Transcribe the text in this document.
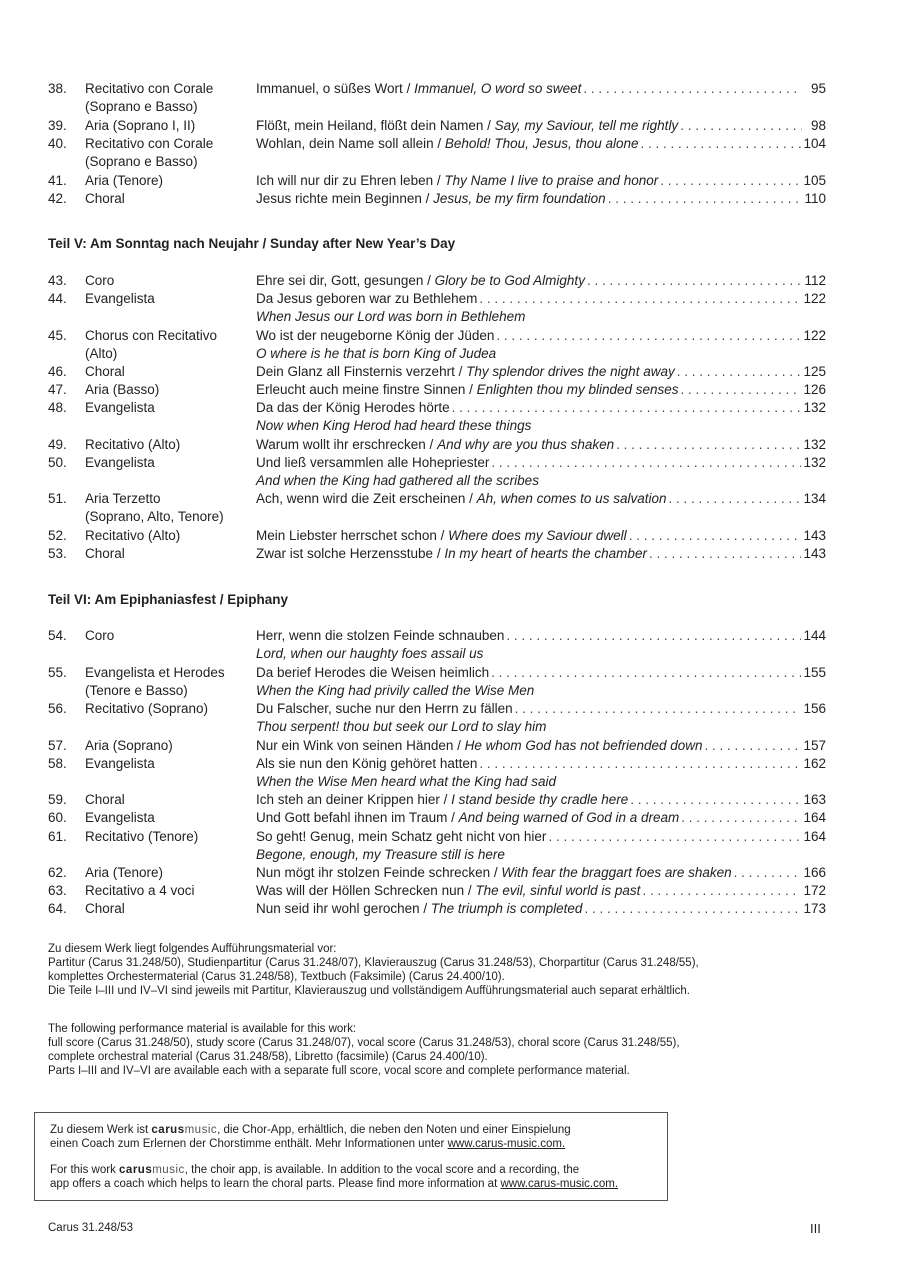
38.	Recitativo con Corale
(Soprano e Basso)
Immanuel, o süßes Wort / Immanuel, O word so sweet . . .	95
39.	Aria (Soprano I, II)	Flößt, mein Heiland, flößt dein Namen / Say, my Saviour, tell me rightly . . .	98
40.	Recitativo con Corale
(Soprano e Basso)
Wohlan, dein Name soll allein / Behold! Thou, Jesus, thou alone . . .	104
41.	Aria (Tenore)	Ich will nur dir zu Ehren leben / Thy Name I live to praise and honor . . .	105
42.	Choral	Jesus richte mein Beginnen / Jesus, be my firm foundation . . .	110
Teil V: Am Sonntag nach Neujahr / Sunday after New Year’s Day
43.	Coro	Ehre sei dir, Gott, gesungen / Glory be to God Almighty . . .	112
44.	Evangelista	Da Jesus geboren war zu Bethlehem . . .	122
When Jesus our Lord was born in Bethlehem
45.	Chorus con Recitativo
(Alto)
Wo ist der neugeborne König der Jüden . . .	122
O where is he that is born King of Judea
46.	Choral	Dein Glanz all Finsternis verzehrt / Thy splendor drives the night away . . .	125
47.	Aria (Basso)	Erleucht auch meine finstre Sinnen / Enlighten thou my blinded senses . . .	126
48.	Evangelista	Da das der König Herodes hörte . . .	132
Now when King Herod had heard these things
49.	Recitativo (Alto)	Warum wollt ihr erschrecken / And why are you thus shaken . . .	132
50.	Evangelista	Und ließ versammlen alle Hohepriester . . .	132
And when the King had gathered all the scribes
51.	Aria Terzetto
(Soprano, Alto, Tenore)
Ach, wenn wird die Zeit erscheinen / Ah, when comes to us salvation . . .	134
52.	Recitativo (Alto)	Mein Liebster herrschet schon / Where does my Saviour dwell . . .	143
53.	Choral	Zwar ist solche Herzensstube / In my heart of hearts the chamber . . .	143
Teil VI: Am Epiphaniasfest / Epiphany
54.	Coro	Herr, wenn die stolzen Feinde schnauben . . .	144
Lord, when our haughty foes assail us
55.	Evangelista et Herodes
(Tenore e Basso)
Da berief Herodes die Weisen heimlich . . .	155
When the King had privily called the Wise Men
56.	Recitativo (Soprano)	Du Falscher, suche nur den Herrn zu fällen . . .	156
Thou serpent! thou but seek our Lord to slay him
57.	Aria (Soprano)	Nur ein Wink von seinen Händen / He whom God has not befriended down . . .	157
58.	Evangelista	Als sie nun den König gehöret hatten . . .	162
When the Wise Men heard what the King had said
59.	Choral	Ich steh an deiner Krippen hier / I stand beside thy cradle here . . .	163
60.	Evangelista	Und Gott befahl ihnen im Traum / And being warned of God in a dream . . .	164
61.	Recitativo (Tenore)	So geht! Genug, mein Schatz geht nicht von hier . . .	164
Begone, enough, my Treasure still is here
62.	Aria (Tenore)	Nun mögt ihr stolzen Feinde schrecken / With fear the braggart foes are shaken . . .	166
63.	Recitativo a 4 voci	Was will der Höllen Schrecken nun / The evil, sinful world is past . . .	172
64.	Choral	Nun seid ihr wohl gerochen / The triumph is completed . . .	173

Zu diesem Werk liegt folgendes Aufführungsmaterial vor:

Partitur (Carus 31.248/50), Studienpartitur (Carus 31.248/07), Klavierauszug (Carus 31.248/53), Chorpartitur (Carus 31.248/55),

komplettes Orchestermaterial (Carus 31.248/58), Textbuch (Faksimile) (Carus 24.400/10).

Die Teile I–III und IV–VI sind jeweils mit Partitur, Klavierauszug und vollständigem Aufführungsmaterial auch separat erhältlich.

The following performance material is available for this work:

full score (Carus 31.248/50), study score (Carus 31.248/07), vocal score (Carus 31.248/53), choral score (Carus 31.248/55),

complete orchestral material (Carus 31.248/58), Libretto (facsimile) (Carus 24.400/10).

Parts I–III and IV–VI are available each with a separate full score, vocal score and complete performance material.

Zu diesem Werk ist carusmusic, die Chor-App, erhältlich, die neben den Noten und einer Einspielung

einen Coach zum Erlernen der Chorstimme enthält. Mehr Informationen unter www.carus-music.com.

For this work carusmusic, the choir app, is available. In addition to the vocal score and a recording, the

app offers a coach which helps to learn the choral parts. Please find more information at www.carus-music.com.

Carus 31.248/53	III
